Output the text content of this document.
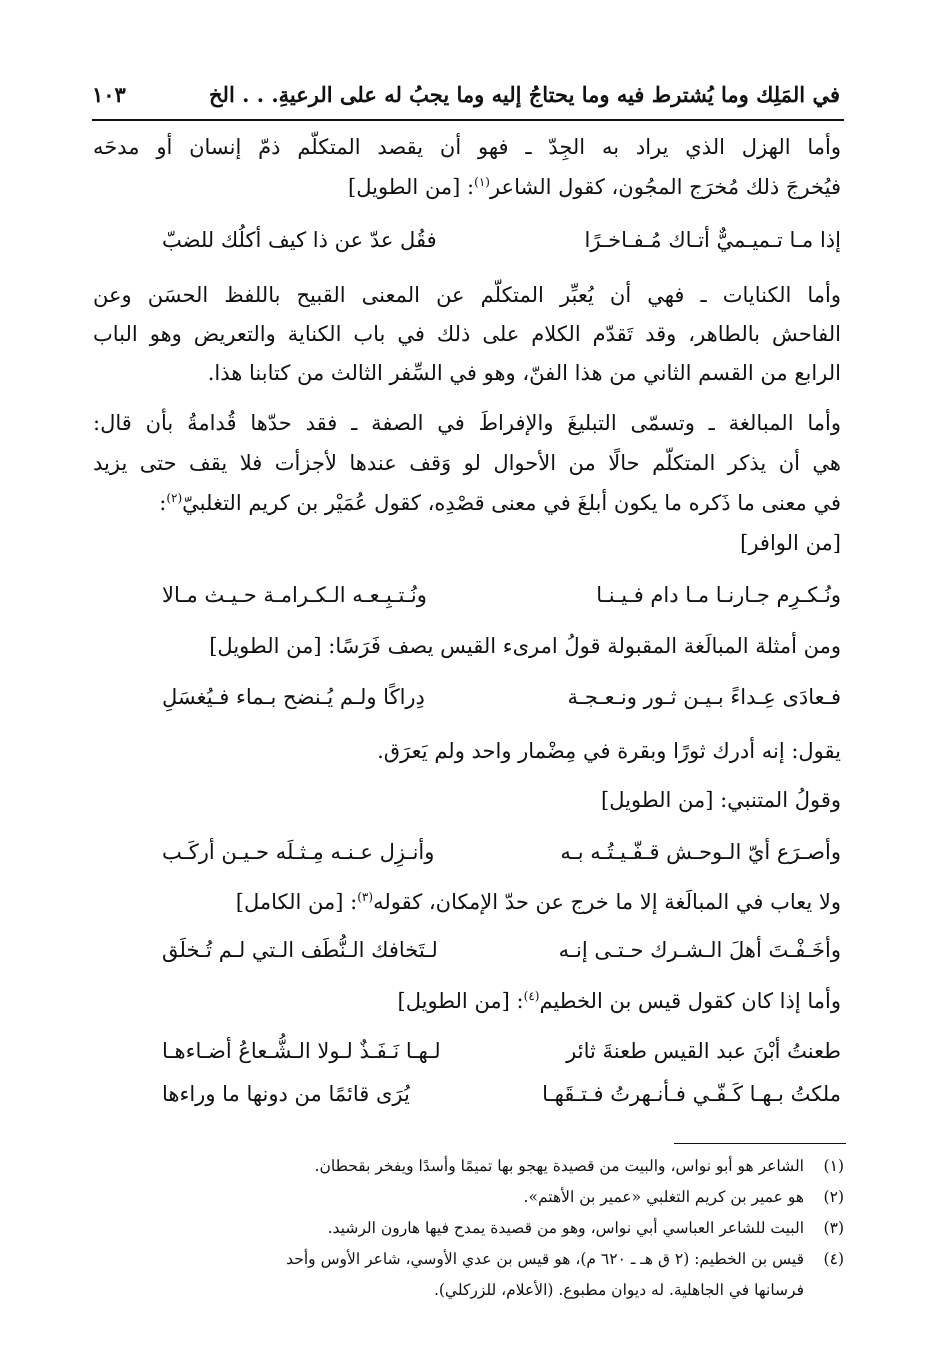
في المَلِك وما يُشترط فيه وما يحتاجُ إليه وما يجبُ له على الرعيةِ. . . الخ
١٠٣
وأما الهزل الذي يراد به الجِدّ ـ فهو أن يقصد المتكلّم ذمّ إنسان أو مدحَه
فيُخرجَ ذلك مُخرَج المجُون، كقول الشاعر$^{(١)}$: [من الطويل]
إذا مـا تـميـميٌّ أتـاك مُـفـاخـرًا
فقُل عدّ عن ذا كيف أكلُك للضبّ
وأما الكنايات ـ فهي أن يُعبِّر المتكلّم عن المعنى القبيح باللفظ الحسَن وعن
الفاحش بالطاهر، وقد تَقدّم الكلام على ذلك في باب الكناية والتعريض وهو الباب
الرابع من القسم الثاني من هذا الفنّ، وهو في السِّفر الثالث من كتابنا هذا.
وأما المبالغة ـ وتسمّى التبليغَ والإفراطَ في الصفة ـ فقد حدّها قُدامةُ بأن قال:
هي أن يذكر المتكلّم حالًا من الأحوال لو وَقف عندها لأجزأت فلا يقف حتى يزيد
في معنى ما ذَكره ما يكون أبلغَ في معنى قصْدِه، كقول عُمَيْر بن كريم التغلبيّ$^{(٢)}$:
[من الوافر]
ونُـكـرِم جـارنـا مـا دام فـيـنـا
ونُـتـبِـعـه الـكـرامـة حـيـث مـالا
ومن أمثلة المبالَغة المقبولة قولُ امرىء القيس يصف فَرَسًا: [من الطويل]
فـعادَى عِـداءً بـيـن ثـور ونـعـجـة
دِراكًا ولـم يُـنضح بـماء فـيُغسَلِ
يقول: إنه أدرك ثورًا وبقرة في مِضْمار واحد ولم يَعرَق.
وقولُ المتنبي: [من الطويل]
وأصـرَع أيّ الـوحـش قـفّـيـتُـه بـه
وأنـزِل عـنـه مِـثـلَه حـيـن أركَـب
ولا يعاب في المبالَغة إلا ما خرج عن حدّ الإمكان، كقوله$^{(٣)}$: [من الكامل]
وأخَـفْـتَ أهلَ الـشـرك حـتـى إنـه
لـتَخافك الـنُّطَف الـتي لـم تُـخلَق
وأما إذا كان كقول قيس بن الخطيم$^{(٤)}$: [من الطويل]
طعنتُ أبْنَ عبد القيس طعنةَ ثائر
لـهـا نَـفَـذٌ لـولا الـشُّـعاعُ أضـاءهـا
ملكتُ بـهـا كَـفّـي فـأنـهرتُ فـتـقَهـا
يُرَى قائمًا من دونها ما وراءها
(١)الشاعر هو أبو نواس، والبيت من قصيدة يهجو بها تميمًا وأسدًا ويفخر بقحطان.
(٢)هو عمير بن كريم التغلبي «عمير بن الأهتم».
(٣)البيت للشاعر العباسي أبي نواس، وهو من قصيدة يمدح فيها هارون الرشيد.
(٤)قيس بن الخطيم: (٢ ق هـ ـ ٦٢٠ م)، هو قيس بن عدي الأوسي، شاعر الأوس وأحد
فرسانها في الجاهلية. له ديوان مطبوع. (الأعلام، للزركلي).
